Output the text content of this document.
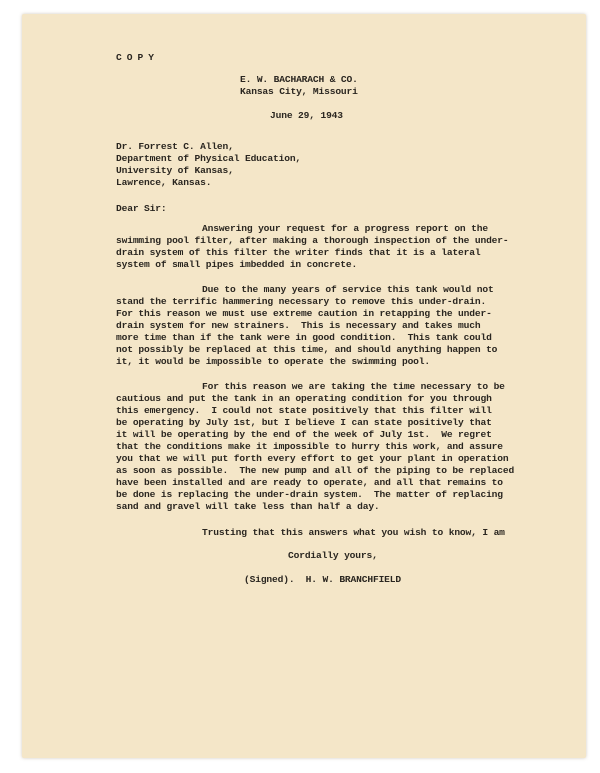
COPY
E. W. BACHARACH & CO.
Kansas City, Missouri
June 29, 1943
Dr. Forrest C. Allen,
Department of Physical Education,
University of Kansas,
Lawrence, Kansas.
Dear Sir:
Answering your request for a progress report on the
swimming pool filter, after making a thorough inspection of the under-
drain system of this filter the writer finds that it is a lateral
system of small pipes imbedded in concrete.
Due to the many years of service this tank would not
stand the terrific hammering necessary to remove this under-drain.
For this reason we must use extreme caution in retapping the under-
drain system for new strainers.  This is necessary and takes much
more time than if the tank were in good condition.  This tank could
not possibly be replaced at this time, and should anything happen to
it, it would be impossible to operate the swimming pool.
For this reason we are taking the time necessary to be
cautious and put the tank in an operating condition for you through
this emergency.  I could not state positively that this filter will
be operating by July 1st, but I believe I can state positively that
it will be operating by the end of the week of July 1st.  We regret
that the conditions make it impossible to hurry this work, and assure
you that we will put forth every effort to get your plant in operation
as soon as possible.  The new pump and all of the piping to be replaced
have been installed and are ready to operate, and all that remains to
be done is replacing the under-drain system.  The matter of replacing
sand and gravel will take less than half a day.
Trusting that this answers what you wish to know, I am
Cordially yours,
(Signed).  H. W. BRANCHFIELD
